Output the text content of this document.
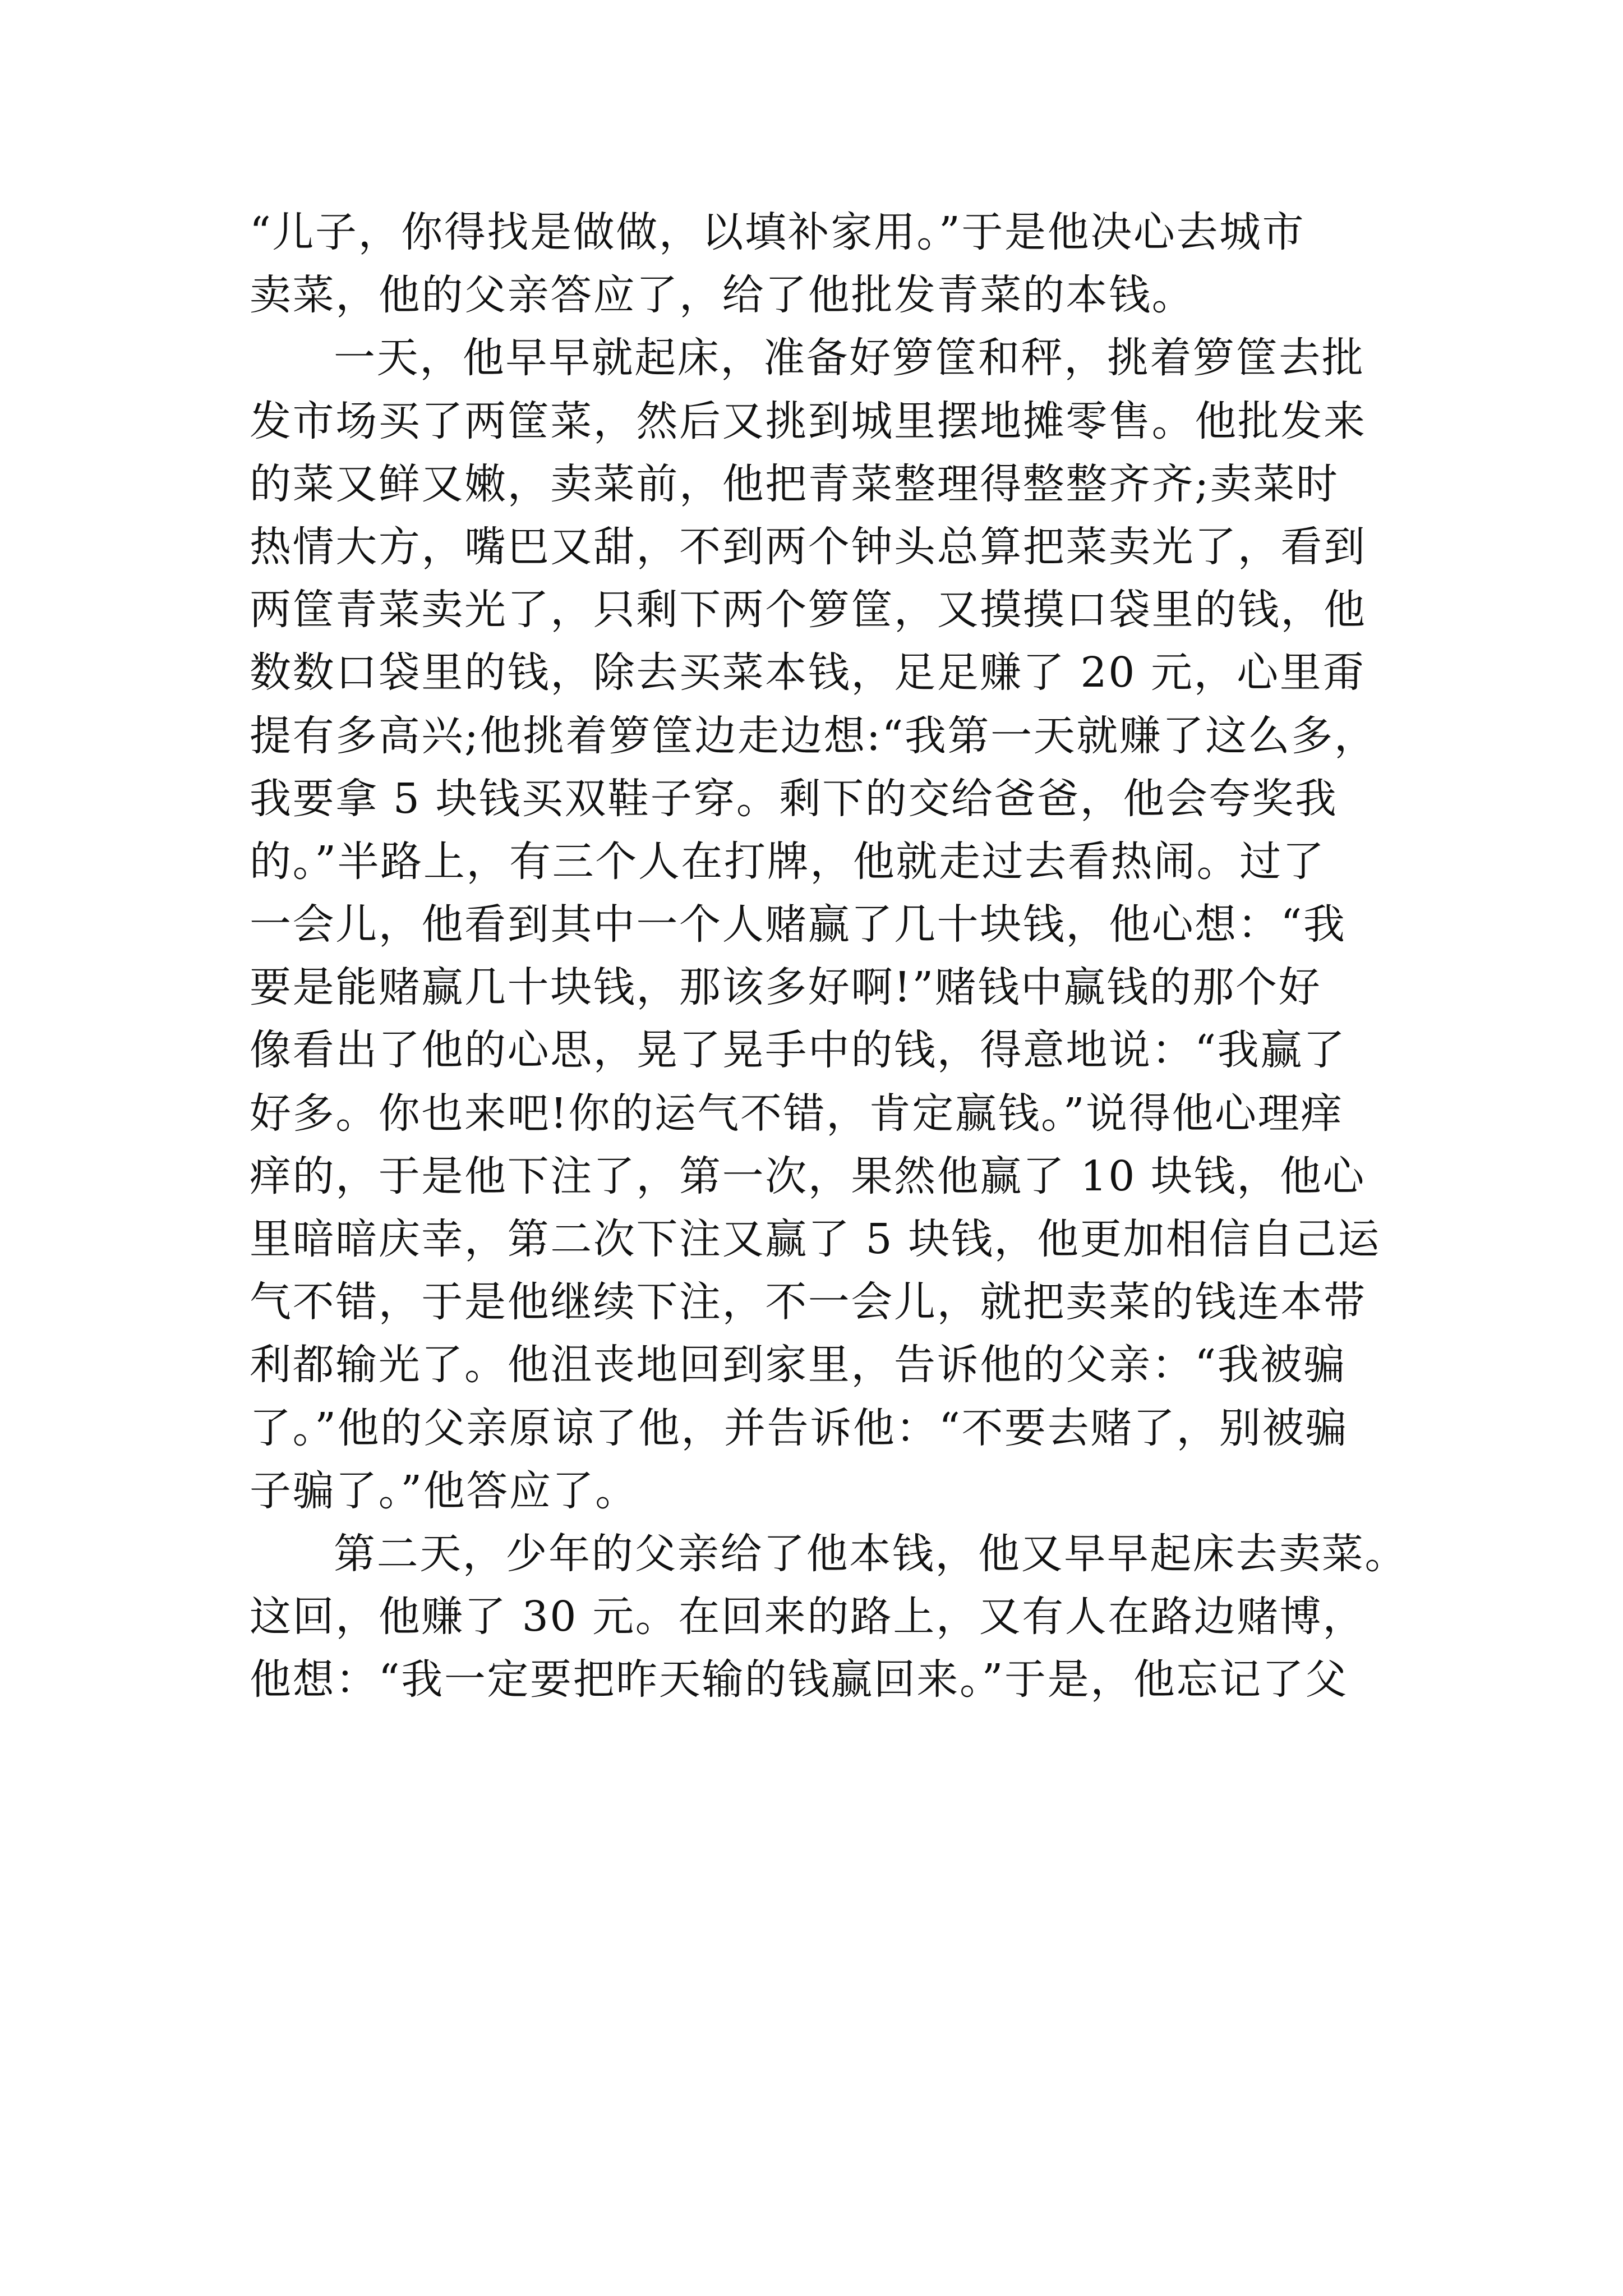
“儿子，你得找是做做，以填补家用。”于是他决心去城市
卖菜，他的父亲答应了，给了他批发青菜的本钱。
一天，他早早就起床，准备好箩筐和秤，挑着箩筐去批
发市场买了两筐菜，然后又挑到城里摆地摊零售。他批发来
的菜又鲜又嫩，卖菜前，他把青菜整理得整整齐齐;卖菜时
热情大方，嘴巴又甜，不到两个钟头总算把菜卖光了，看到
两筐青菜卖光了，只剩下两个箩筐，又摸摸口袋里的钱，他
数数口袋里的钱，除去买菜本钱，足足赚了 20 元，心里甭
提有多高兴;他挑着箩筐边走边想:“我第一天就赚了这么多，
我要拿 5 块钱买双鞋子穿。剩下的交给爸爸，他会夸奖我
的。”半路上，有三个人在打牌，他就走过去看热闹。过了
一会儿，他看到其中一个人赌赢了几十块钱，他心想：“我
要是能赌赢几十块钱，那该多好啊!”赌钱中赢钱的那个好
像看出了他的心思，晃了晃手中的钱，得意地说：“我赢了
好多。你也来吧!你的运气不错，肯定赢钱。”说得他心理痒
痒的，于是他下注了，第一次，果然他赢了 10 块钱，他心
里暗暗庆幸，第二次下注又赢了 5 块钱，他更加相信自己运
气不错，于是他继续下注，不一会儿，就把卖菜的钱连本带
利都输光了。他沮丧地回到家里，告诉他的父亲：“我被骗
了。”他的父亲原谅了他，并告诉他：“不要去赌了，别被骗
子骗了。”他答应了。
第二天，少年的父亲给了他本钱，他又早早起床去卖菜。
这回，他赚了 30 元。在回来的路上，又有人在路边赌博，
他想：“我一定要把昨天输的钱赢回来。”于是，他忘记了父
